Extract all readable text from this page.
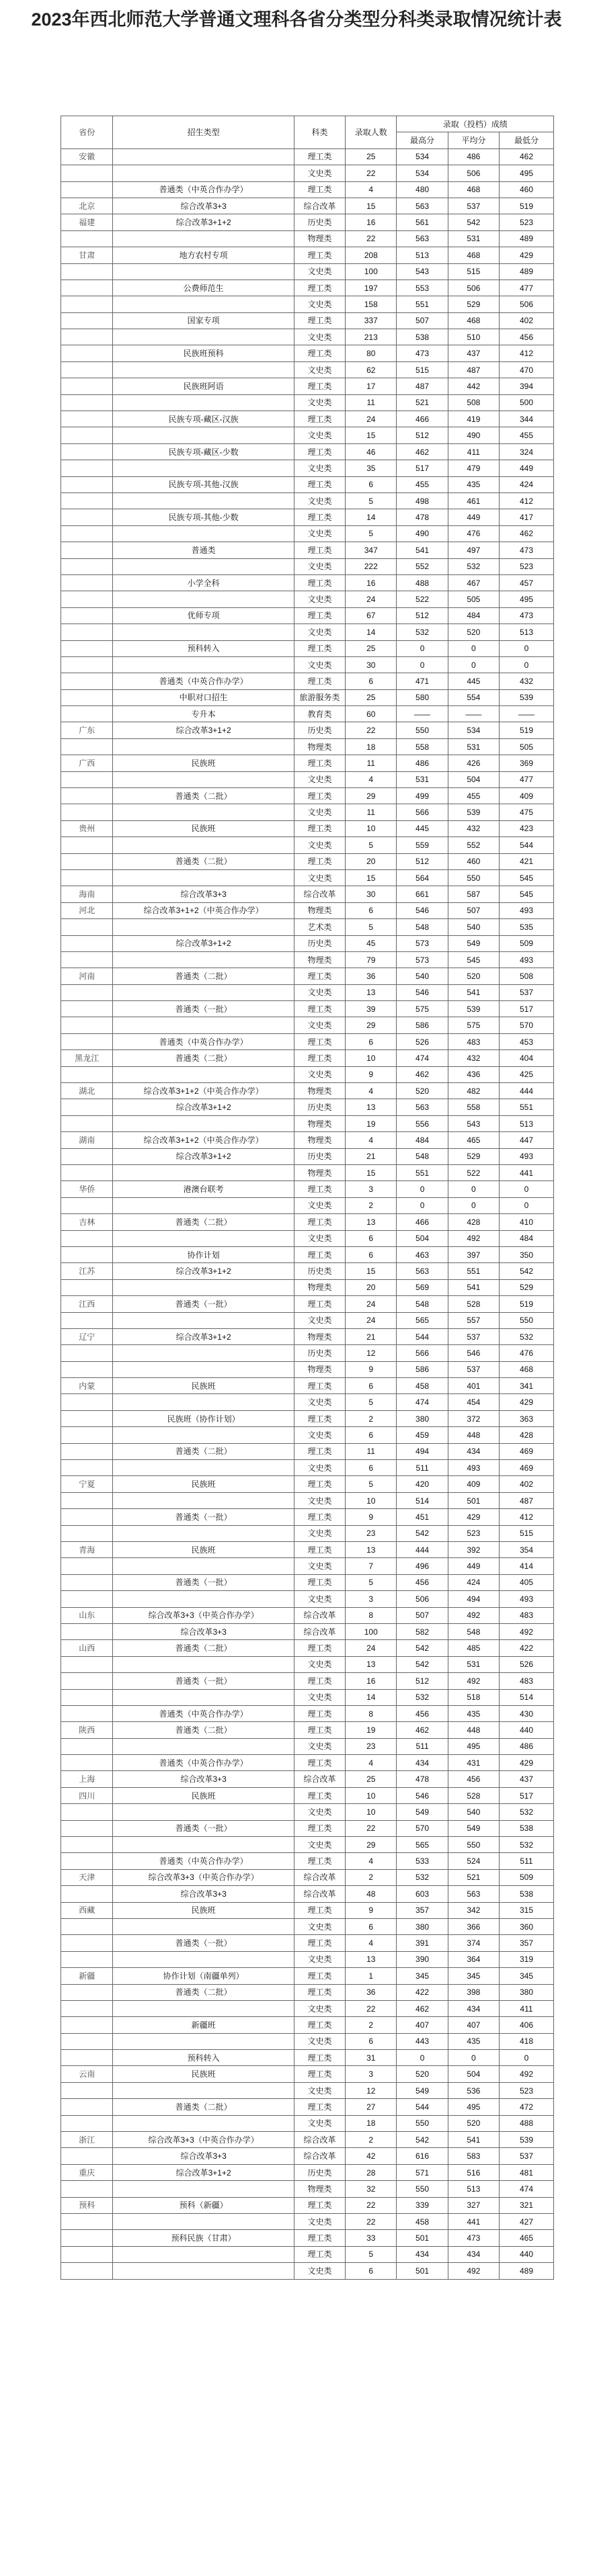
2023年西北师范大学普通文理科各省分类型分科类录取情况统计表
省份	招生类型	科类	录取人数	录取（投档）成绩		
				最高分	平均分	最低分
安徽		理工类	25	534	486	462
		文史类	22	534	506	495
	普通类（中英合作办学）	理工类	4	480	468	460
北京	综合改革3+3	综合改革	15	563	537	519
福建	综合改革3+1+2	历史类	16	561	542	523
		物理类	22	563	531	489
甘肃	地方农村专项	理工类	208	513	468	429
		文史类	100	543	515	489
	公费师范生	理工类	197	553	506	477
		文史类	158	551	529	506
	国家专项	理工类	337	507	468	402
		文史类	213	538	510	456
	民族班预科	理工类	80	473	437	412
		文史类	62	515	487	470
	民族班阿语	理工类	17	487	442	394
		文史类	11	521	508	500
	民族专项-藏区-汉族	理工类	24	466	419	344
		文史类	15	512	490	455
	民族专项-藏区-少数	理工类	46	462	411	324
		文史类	35	517	479	449
	民族专项-其他-汉族	理工类	6	455	435	424
		文史类	5	498	461	412
	民族专项-其他-少数	理工类	14	478	449	417
		文史类	5	490	476	462
	普通类	理工类	347	541	497	473
		文史类	222	552	532	523
	小学全科	理工类	16	488	467	457
		文史类	24	522	505	495
	优师专项	理工类	67	512	484	473
		文史类	14	532	520	513
	预科转入	理工类	25	0	0	0
		文史类	30	0	0	0
	普通类（中英合作办学）	理工类	6	471	445	432
	中职对口招生	旅游服务类	25	580	554	539
	专升本	教育类	60	——	——	——
广东	综合改革3+1+2	历史类	22	550	534	519
		物理类	18	558	531	505
广西	民族班	理工类	11	486	426	369
		文史类	4	531	504	477
	普通类（二批）	理工类	29	499	455	409
		文史类	11	566	539	475
贵州	民族班	理工类	10	445	432	423
		文史类	5	559	552	544
	普通类（二批）	理工类	20	512	460	421
		文史类	15	564	550	545
海南	综合改革3+3	综合改革	30	661	587	545
河北	综合改革3+1+2（中英合作办学）	物理类	6	546	507	493
		艺术类	5	548	540	535
	综合改革3+1+2	历史类	45	573	549	509
		物理类	79	573	545	493
河南	普通类（二批）	理工类	36	540	520	508
		文史类	13	546	541	537
	普通类（一批）	理工类	39	575	539	517
		文史类	29	586	575	570
	普通类（中英合作办学）	理工类	6	526	483	453
黑龙江	普通类（二批）	理工类	10	474	432	404
		文史类	9	462	436	425
湖北	综合改革3+1+2（中英合作办学）	物理类	4	520	482	444
	综合改革3+1+2	历史类	13	563	558	551
		物理类	19	556	543	513
湖南	综合改革3+1+2（中英合作办学）	物理类	4	484	465	447
	综合改革3+1+2	历史类	21	548	529	493
		物理类	15	551	522	441
华侨	港澳台联考	理工类	3	0	0	0
		文史类	2	0	0	0
吉林	普通类（二批）	理工类	13	466	428	410
		文史类	6	504	492	484
	协作计划	理工类	6	463	397	350
江苏	综合改革3+1+2	历史类	15	563	551	542
		物理类	20	569	541	529
江西	普通类（一批）	理工类	24	548	528	519
		文史类	24	565	557	550
辽宁	综合改革3+1+2	物理类	21	544	537	532
		历史类	12	566	546	476
		物理类	9	586	537	468
内蒙	民族班	理工类	6	458	401	341
		文史类	5	474	454	429
	民族班（协作计划）	理工类	2	380	372	363
		文史类	6	459	448	428
	普通类（二批）	理工类	11	494	434	469
		文史类	6	511	493	469
宁夏	民族班	理工类	5	420	409	402
		文史类	10	514	501	487
	普通类（一批）	理工类	9	451	429	412
		文史类	23	542	523	515
青海	民族班	理工类	13	444	392	354
		文史类	7	496	449	414
	普通类（一批）	理工类	5	456	424	405
		文史类	3	506	494	493
山东	综合改革3+3（中英合作办学）	综合改革	8	507	492	483
	综合改革3+3	综合改革	100	582	548	492
山西	普通类（二批）	理工类	24	542	485	422
		文史类	13	542	531	526
	普通类（一批）	理工类	16	512	492	483
		文史类	14	532	518	514
	普通类（中英合作办学）	理工类	8	456	435	430
陕西	普通类（二批）	理工类	19	462	448	440
		文史类	23	511	495	486
	普通类（中英合作办学）	理工类	4	434	431	429
上海	综合改革3+3	综合改革	25	478	456	437
四川	民族班	理工类	10	546	528	517
		文史类	10	549	540	532
	普通类（一批）	理工类	22	570	549	538
		文史类	29	565	550	532
	普通类（中英合作办学）	理工类	4	533	524	511
天津	综合改革3+3（中英合作办学）	综合改革	2	532	521	509
	综合改革3+3	综合改革	48	603	563	538
西藏	民族班	理工类	9	357	342	315
		文史类	6	380	366	360
	普通类（一批）	理工类	4	391	374	357
		文史类	13	390	364	319
新疆	协作计划（南疆单列）	理工类	1	345	345	345
	普通类（二批）	理工类	36	422	398	380
		文史类	22	462	434	411
	新疆班	理工类	2	407	407	406
		文史类	6	443	435	418
	预科转入	理工类	31	0	0	0
云南	民族班	理工类	3	520	504	492
		文史类	12	549	536	523
	普通类（二批）	理工类	27	544	495	472
		文史类	18	550	520	488
浙江	综合改革3+3（中英合作办学）	综合改革	2	542	541	539
	综合改革3+3	综合改革	42	616	583	537
重庆	综合改革3+1+2	历史类	28	571	516	481
		物理类	32	550	513	474
预科	预科（新疆）	理工类	22	339	327	321
		文史类	22	458	441	427
	预科民族（甘肃）	理工类	33	501	473	465
		理工类	5	434	434	440
		文史类	6	501	492	489
